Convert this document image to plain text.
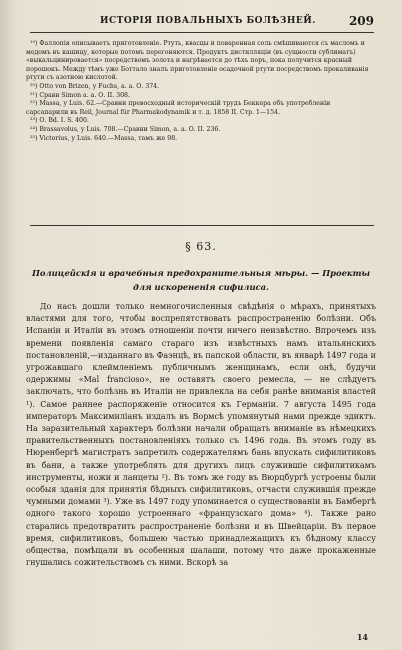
ИСТОРІЯ ПОВАЛЬНЫХЪ БОЛѢЗНЕЙ.	209

¹⁹) Фаллопія описываетъ приготовленіе. Ртуть, квасцы и поваренная соль смѣшиваются съ масломъ и медомъ въ кашицу, которые потомъ перегоняются. Продуктъ дистилляціи (въ сущности сублиматъ) «выкальцинировается» посредствомъ золота и нагрѣвается до тѣхъ поръ, пока получится красный порошокъ. Между тѣмъ уже Боттало зналъ приготовленіе осадочной ртути посредствомъ прокаливанія ртути съ азотною кислотой.

²⁰) Otto von Brizen, у Fuchs, а. а. О. 374.

²¹) Срави Simon а. а. О. II. 308.

²²) Massa, у Luis. 62.—Сравни превосходный историческій трудъ Беккера объ употребленіи сарсапарили въ Reil, Journal für Pharmakodynamik и т. д. 1858 II. Стр. 1—154.

²³) О. Bd. I. S. 400.

²⁴) Brassavolus, у Luis. 708.—Сравни Simon, а. а. О. II. 236.

²⁵) Victorius, у Luis. 640.—Massa, тамъ же 98.

§ 63.
Полицейскія и врачебныя предохранительныя мѣры. — Проекты
для искорененія сифилиса.

До насъ дошли только немногочисленныя свѣдѣнія о мѣрахъ, принятыхъ властями для того, чтобы воспрепятствовать распространенію болѣзни. Объ Испаніи и Италіи въ этомъ отношеніи почти ничего неизвѣстно. Впрочемъ изъ времени появленія самаго стараго изъ извѣстныхъ намъ итальянскихъ постановленій,—изданнаго въ Фаэнцѣ, въ папской области, въ январѣ 1497 года и угрожавшаго клеймленіемъ публичнымъ женщинамъ, если онѣ, будучи одержимы «Mal francioso», не оставятъ своего ремесла, — не слѣдуетъ заключать, что болѣзнь въ Италіи не привлекла на себя ранѣе вниманія властей ¹). Самое раннее распоряженіе относится къ Германіи. 7 августа 1495 года императоръ Максимиліанъ издалъ въ Вормсѣ упомянутый нами прежде эдиктъ. На заразительный характеръ болѣзни начали обращать вниманіе въ нѣмецкихъ правительственныхъ постановленіяхъ только съ 1496 года. Въ этомъ году въ Нюренбергѣ магистратъ запретилъ содержателямъ бань впускать сифилитиковъ въ бани, а также употреблять для другихъ лицъ служившіе сифилитикамъ инструменты, ножи и ланцеты ²). Въ томъ же году въ Вюрцбургѣ устроены были особыя зданія для принятія бѣдныхъ сифилитиковъ, отчасти служившія прежде чумными домами ³). Уже въ 1497 году упоминается о существованіи въ Бамбергѣ одного такого хорошо устроеннаго «французскаго дома» ⁴). Также рано старались предотвратить распространеніе болѣзни и въ Швейцаріи. Въ первое время, сифилитиковъ, большею частью принадлежащихъ къ бѣдному классу общества, помѣщали въ особенныя шалаши, потому что даже прокаженные гнушались сожительствомъ съ ними. Вскорѣ за

14
